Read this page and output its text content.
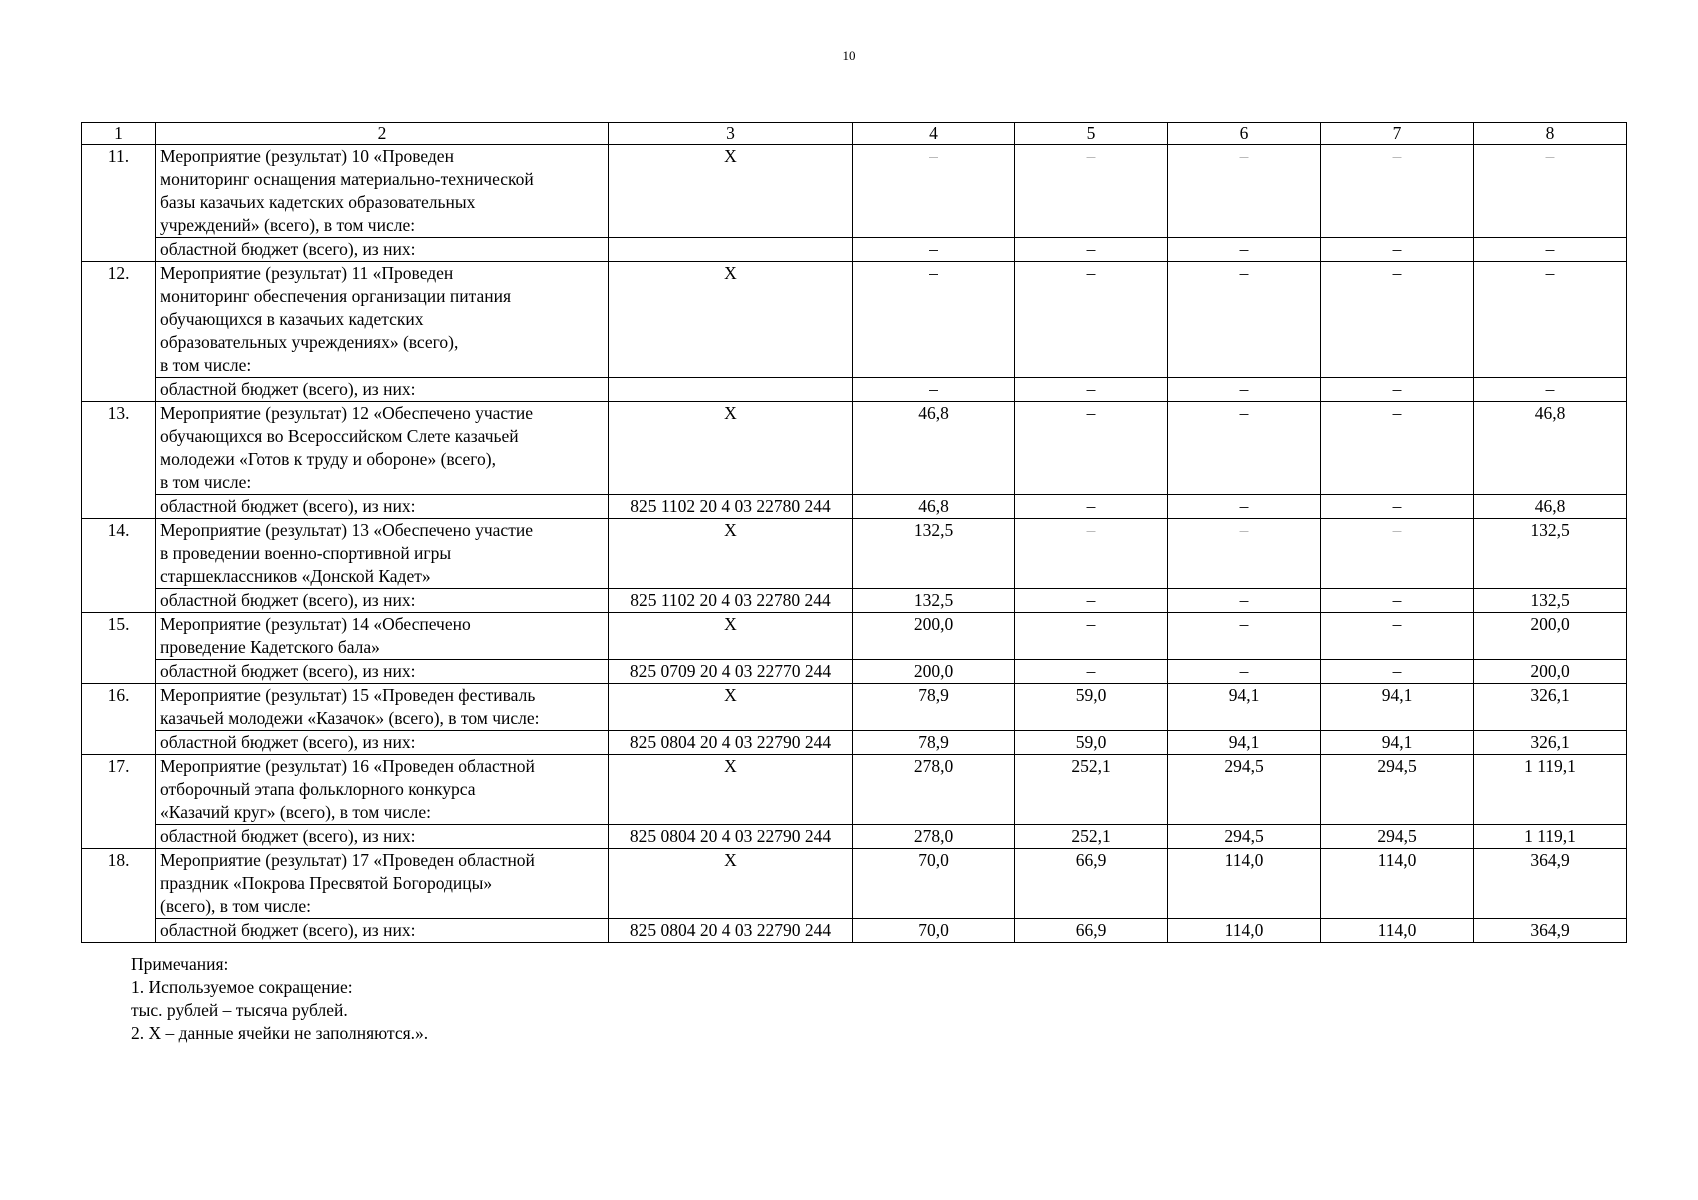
10
1	2	3	4	5	6	7	8
11.	Мероприятие (результат) 10 «Проведен
мониторинг оснащения материально-технической
базы казачьих кадетских образовательных
учреждений» (всего), в том числе:	X	–	–	–	–	–
	областной бюджет (всего), из них:		–	–	–	–	–
12.	Мероприятие (результат) 11 «Проведен
мониторинг обеспечения организации питания
обучающихся в казачьих кадетских
образовательных учреждениях» (всего),
в том числе:	X	–	–	–	–	–
	областной бюджет (всего), из них:		–	–	–	–	–
13.	Мероприятие (результат) 12 «Обеспечено участие
обучающихся во Всероссийском Слете казачьей
молодежи «Готов к труду и обороне» (всего),
в том числе:	X	46,8	–	–	–	46,8
	областной бюджет (всего), из них:	825 1102 20 4 03 22780 244	46,8	–	–	–	46,8
14.	Мероприятие (результат) 13 «Обеспечено участие
в проведении военно-спортивной игры
старшеклассников «Донской Кадет»	X	132,5	–	–	–	132,5
	областной бюджет (всего), из них:	825 1102 20 4 03 22780 244	132,5	–	–	–	132,5
15.	Мероприятие (результат) 14 «Обеспечено
проведение Кадетского бала»	X	200,0	–	–	–	200,0
	областной бюджет (всего), из них:	825 0709 20 4 03 22770 244	200,0	–	–	–	200,0
16.	Мероприятие (результат) 15 «Проведен фестиваль
казачьей молодежи «Казачок» (всего), в том числе:	X	78,9	59,0	94,1	94,1	326,1
	областной бюджет (всего), из них:	825 0804 20 4 03 22790 244	78,9	59,0	94,1	94,1	326,1
17.	Мероприятие (результат) 16 «Проведен областной
отборочный этапа фольклорного конкурса
«Казачий круг» (всего), в том числе:	X	278,0	252,1	294,5	294,5	1 119,1
	областной бюджет (всего), из них:	825 0804 20 4 03 22790 244	278,0	252,1	294,5	294,5	1 119,1
18.	Мероприятие (результат) 17 «Проведен областной
праздник «Покрова Пресвятой Богородицы»
(всего), в том числе:	X	70,0	66,9	114,0	114,0	364,9
	областной бюджет (всего), из них:	825 0804 20 4 03 22790 244	70,0	66,9	114,0	114,0	364,9
Примечания:
1. Используемое сокращение:
тыс. рублей – тысяча рублей.
2. X – данные ячейки не заполняются.».
